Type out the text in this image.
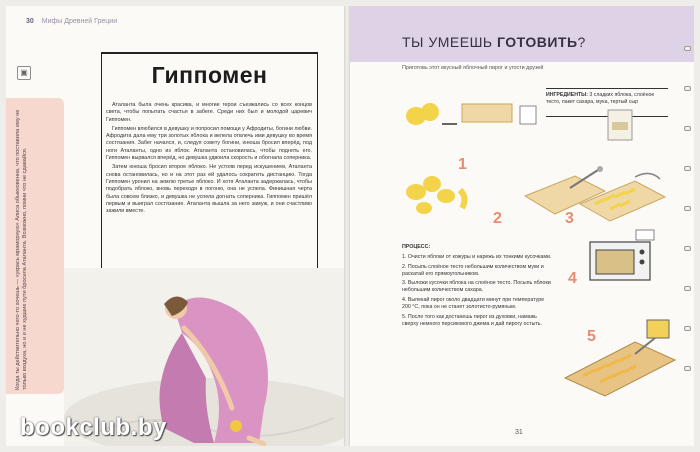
30 Мифы Древней Греции
▣	Гиппомен

Аталанта была очень красива, и многие герои съезжались со всех концов света, чтобы попытать счастья в забеге. Среди них был и молодой царевич Гиппомен.

Гиппомен влюбился в девушку и попросил помощи у Афродиты, богини любви. Афродита дала ему три золотых яблока и велела отвлечь ими девушку во время состязания. Забег начался, и, следуя совету богини, юноша бросил вперёд, под ноги Аталанты, одно из яблок. Аталанта остановилась, чтобы поднять его. Гиппомен вырвался вперёд, но девушка удвоила скорость и обогнала соперника.

Затем юноша бросил второе яблоко. Не устояв перед искушением, Аталанта снова остановилась, но и на этот раз ей удалось сократить дистанцию. Тогда Гиппомен уронил на землю третье яблоко. И хотя Аталанта задержалась, чтобы подобрать яблоко, вновь переходя в погоню, она не успела. Финишная черта была совсем близко, и девушка не успела догнать соперника. Гиппомен пришёл первым и выиграл состязание. Аталанта вышла за него замуж, и они счастливо зажили вместе.

Когда ты действительно чего-то хочешь — «укрась мраморную» Aлиса обыкновенна, что поставила ему не только воздуха, но и и не худшие пути бросила Аталанта. Возможно, помни что не сдавайся.
bookclub.by
ТЫ УМЕЕШЬ ГОТОВИТЬ?
Приготовь этот вкусный яблочный пирог и угости друзей
ИНГРЕДИЕНТЫ: 3 сладких яблока, слоёное тесто, пакет сахара, мука, тертый сыр
1
2	3
4
5
ПРОЦЕСС:

1. Очисти яблоки от кожуры и нарежь их тонкими кусочками.

2. Посыпь слоёное тесто небольшим количеством муки и раскатай его прямоугольником.

3. Выложи кусочки яблока на слоёное тесто. Посыпь яблоки небольшим количеством сахара.

4. Выпекай пирог около двадцати минут при температуре 200 °С, пока он не станет золотисто-румяным.

5. После того как достанешь пирог из духовки, намажь сверху немного персикового джема и дай пирогу остыть.

31
